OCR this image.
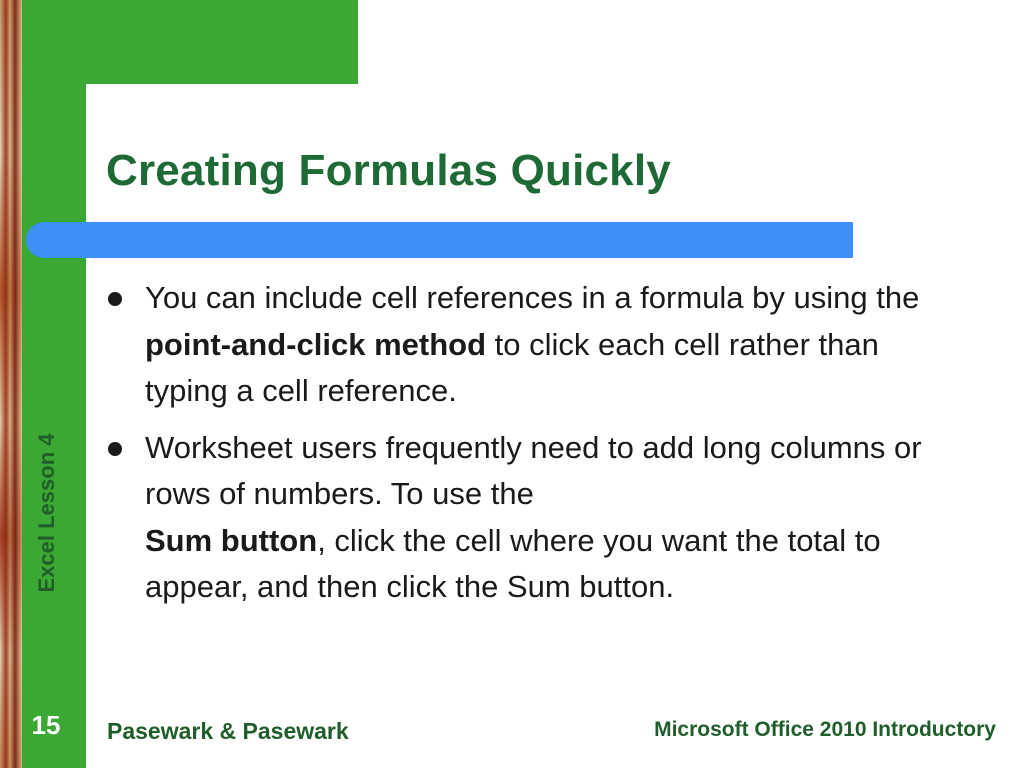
Excel Lesson 4
Creating Formulas Quickly
You can include cell references in a formula by using the point-and-click method to click each cell rather than typing a cell reference.
Worksheet users frequently need to add long columns or rows of numbers. To use the
Sum button, click the cell where you want the total to appear, and then click the Sum button.
15	Pasewark & Pasewark	Microsoft Office 2010 Introductory
